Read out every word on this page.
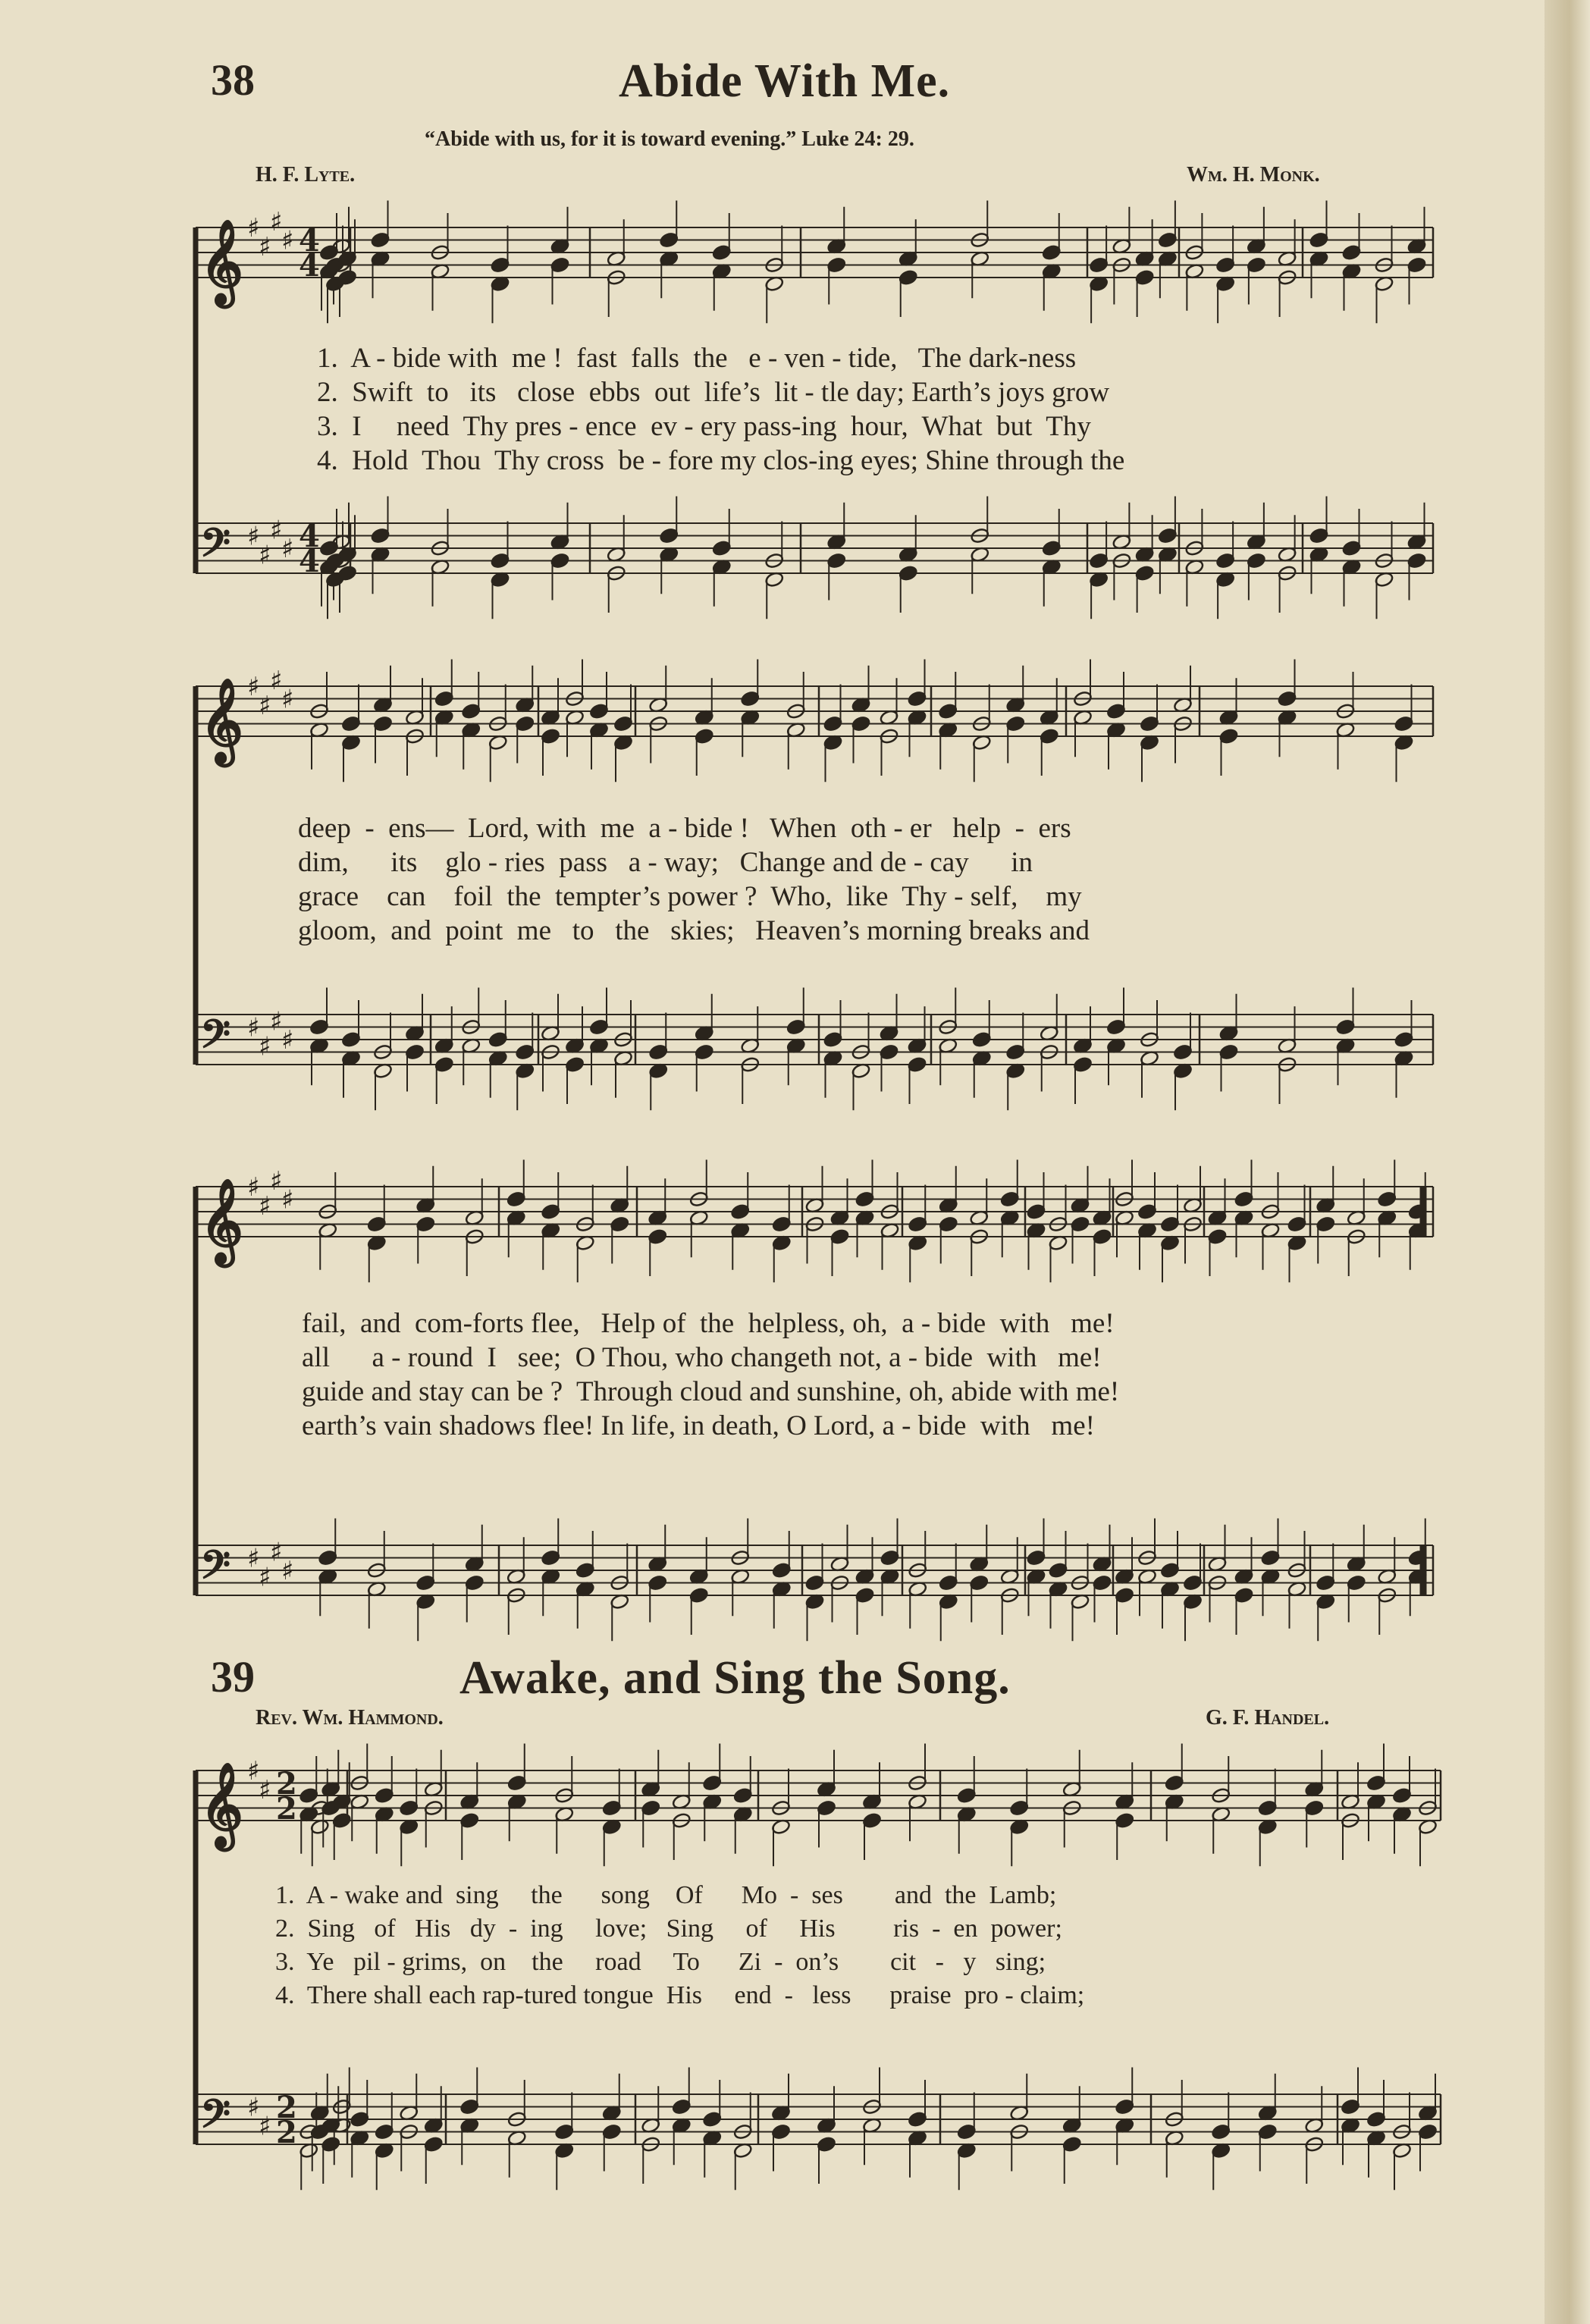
𝄞 ♯
♯
♯
♯ 4
4
𝄢 ♯
♯
♯
♯ 4
4
𝄞 ♯
♯
♯
♯
𝄢 ♯
♯
♯
♯
𝄞 ♯
♯
♯
♯
𝄢 ♯
♯
♯
♯
𝄞 ♯
♯ 2
2
𝄢 ♯
♯
2
2
38	Abide With Me.
“Abide with us, for it is toward evening.” Luke 24: 29.
H. F. Lyte.	Wm. H. Monk.
1.  A - bide with  me !  fast  falls  the   e - ven - tide,   The dark-ness
2.  Swift  to   its   close  ebbs  out  life’s  lit - tle day; Earth’s joys grow
3.  I     need  Thy pres - ence  ev - ery pass-ing  hour,  What  but  Thy
4.  Hold  Thou  Thy cross  be - fore my clos-ing eyes; Shine through the
deep  -  ens—  Lord, with  me  a - bide !   When  oth - er   help  -  ers
dim,      its    glo - ries  pass   a - way;   Change and de - cay      in
grace    can    foil  the  tempter’s power ?  Who,  like  Thy - self,    my
gloom,  and  point  me   to   the   skies;   Heaven’s morning breaks and
fail,  and  com-forts flee,   Help of  the  helpless, oh,  a - bide  with   me!
all      a - round  I   see;  O Thou, who changeth not, a - bide  with   me!
guide and stay can be ?  Through cloud and sunshine, oh, abide with me!
earth’s vain shadows flee! In life, in death, O Lord, a - bide  with   me!
39	Awake, and Sing the Song.
Rev. Wm. Hammond.	G. F. Handel.
1.  A - wake and  sing     the      song    Of      Mo  -  ses        and  the  Lamb;
2.  Sing   of   His   dy  -  ing     love;   Sing     of     His         ris  -  en  power;
3.  Ye   pil - grims,  on    the     road     To      Zi  -  on’s        cit   -   y   sing;
4.  There shall each rap-tured tongue  His     end  -   less      praise  pro - claim;
